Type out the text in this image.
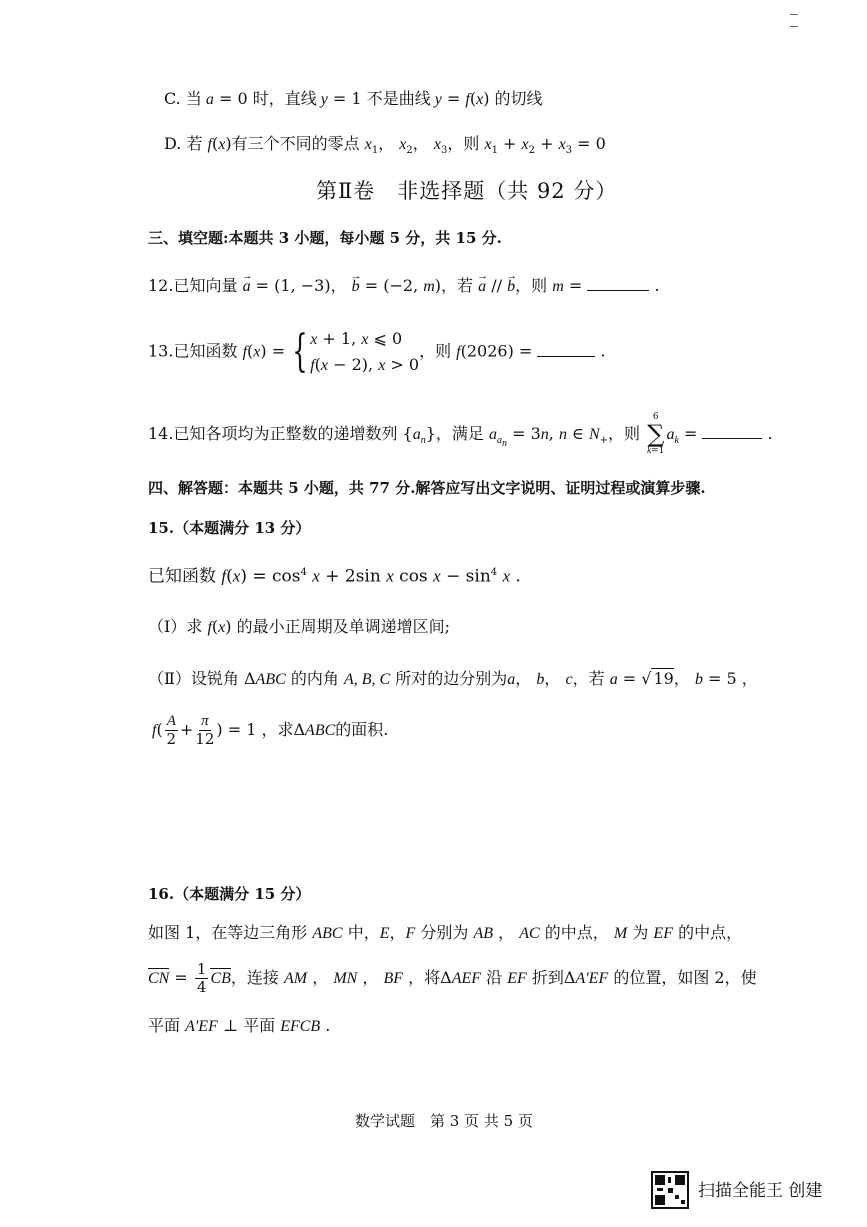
C. 当 a = 0 时，直线 y = 1 不是曲线 y = f(x) 的切线
D. 若 f(x)有三个不同的零点 $x_1$， $x_2$， $x_3$，则 $x_1 + x_2 + x_3 = 0$
第Ⅱ卷　非选择题（共 92 分）
三、填空题:本题共 3 小题，每小题 5 分，共 15 分.
12.已知向量 → a = (1, −3)， → b = (−2, m)，若 → a // → b，则 m =	.
13.已知函数 f(x) = { x + 1, x ⩽ 0
f(x − 2), x > 0
，则 f(2026) =	.
14.已知各项均为正整数的递增数列 $\{a_n\}$，满足 $a_{a_n} = 3n$, n ∈ $N_+$，则
6
∑
k=1
$a_k$ =	.
四、解答题：本题共 5 小题，共 77 分.解答应写出文字说明、证明过程或演算步骤.
15.（本题满分 13 分）
已知函数 $f(x) = \cos^4 x + 2\sin$ x $\cos x - \sin^4 x$ .
（Ⅰ）求 f(x) 的最小正周期及单调递增区间;
（Ⅱ）设锐角 ΔABC 的内角 A, B, C 所对的边分别为a， b， c，若 a = √ 19， b = 5 ，
$f( \frac{A}{2} + \frac{\pi}{12}$ ) = 1 ，求ΔABC的面积.
16.（本题满分 15 分）
如图 1，在等边三角形 ABC 中，E，F 分别为 AB ， AC 的中点， M 为 EF 的中点，
CN = $\frac{1}{4}$ CB，连接 AM ， MN ， BF ，将ΔAEF 沿 EF 折到ΔA'EF 的位置，如图 2，使
平面 A'EF ⊥ 平面 EFCB .
数学试题　第 3 页 共 5 页
扫描全能王 创建
